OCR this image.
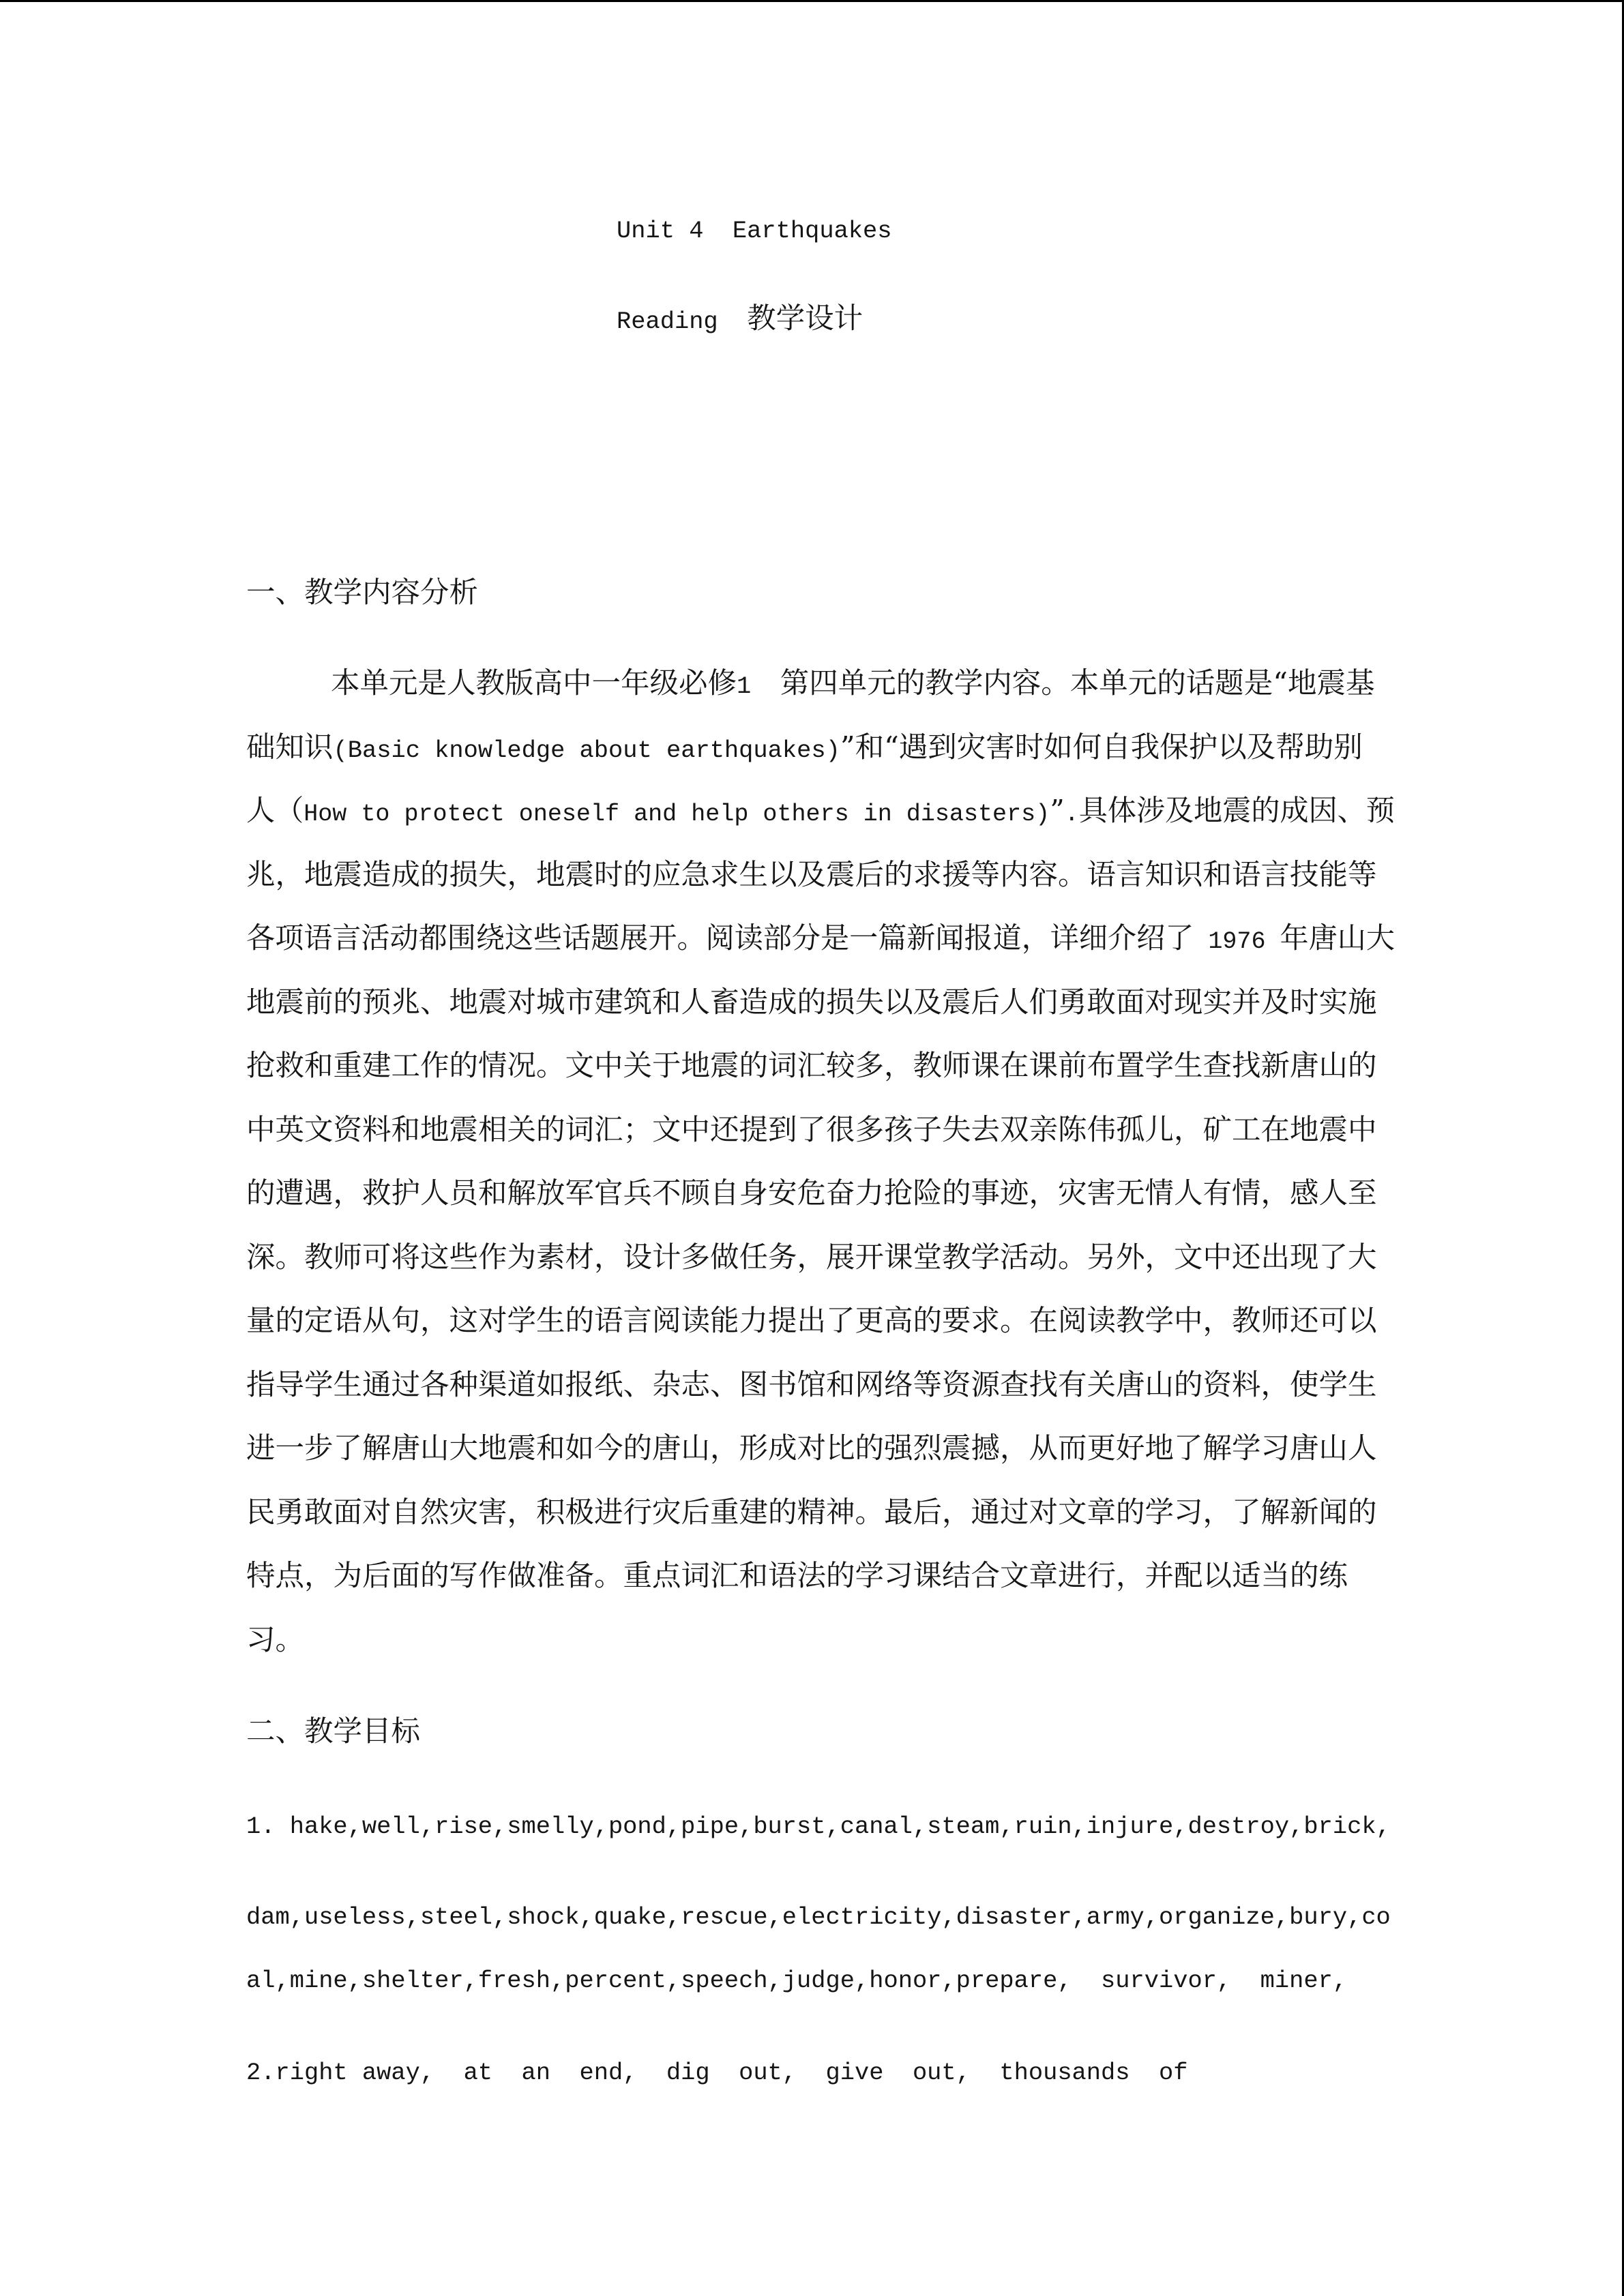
Unit 4  Earthquakes
Reading  教学设计
一、教学内容分析
本单元是人教版高中一年级必修1  第四单元的教学内容。本单元的话题是“地震基
础知识(Basic knowledge about earthquakes)”和“遇到灾害时如何自我保护以及帮助别
人（How to protect oneself and help others in disasters)”.具体涉及地震的成因、预
兆，地震造成的损失，地震时的应急求生以及震后的求援等内容。语言知识和语言技能等
各项语言活动都围绕这些话题展开。阅读部分是一篇新闻报道，详细介绍了 1976 年唐山大
地震前的预兆、地震对城市建筑和人畜造成的损失以及震后人们勇敢面对现实并及时实施
抢救和重建工作的情况。文中关于地震的词汇较多，教师课在课前布置学生查找新唐山的
中英文资料和地震相关的词汇；文中还提到了很多孩子失去双亲陈伟孤儿，矿工在地震中
的遭遇，救护人员和解放军官兵不顾自身安危奋力抢险的事迹，灾害无情人有情，感人至
深。教师可将这些作为素材，设计多做任务，展开课堂教学活动。另外，文中还出现了大
量的定语从句，这对学生的语言阅读能力提出了更高的要求。在阅读教学中，教师还可以
指导学生通过各种渠道如报纸、杂志、图书馆和网络等资源查找有关唐山的资料，使学生
进一步了解唐山大地震和如今的唐山，形成对比的强烈震撼，从而更好地了解学习唐山人
民勇敢面对自然灾害，积极进行灾后重建的精神。最后，通过对文章的学习，了解新闻的
特点，为后面的写作做准备。重点词汇和语法的学习课结合文章进行，并配以适当的练
习。
二、教学目标
1. hake,well,rise,smelly,pond,pipe,burst,canal,steam,ruin,injure,destroy,brick,
dam,useless,steel,shock,quake,rescue,electricity,disaster,army,organize,bury,co
al,mine,shelter,fresh,percent,speech,judge,honor,prepare,  survivor,  miner,
2.right away,  at  an  end,  dig  out,  give  out,  thousands  of
